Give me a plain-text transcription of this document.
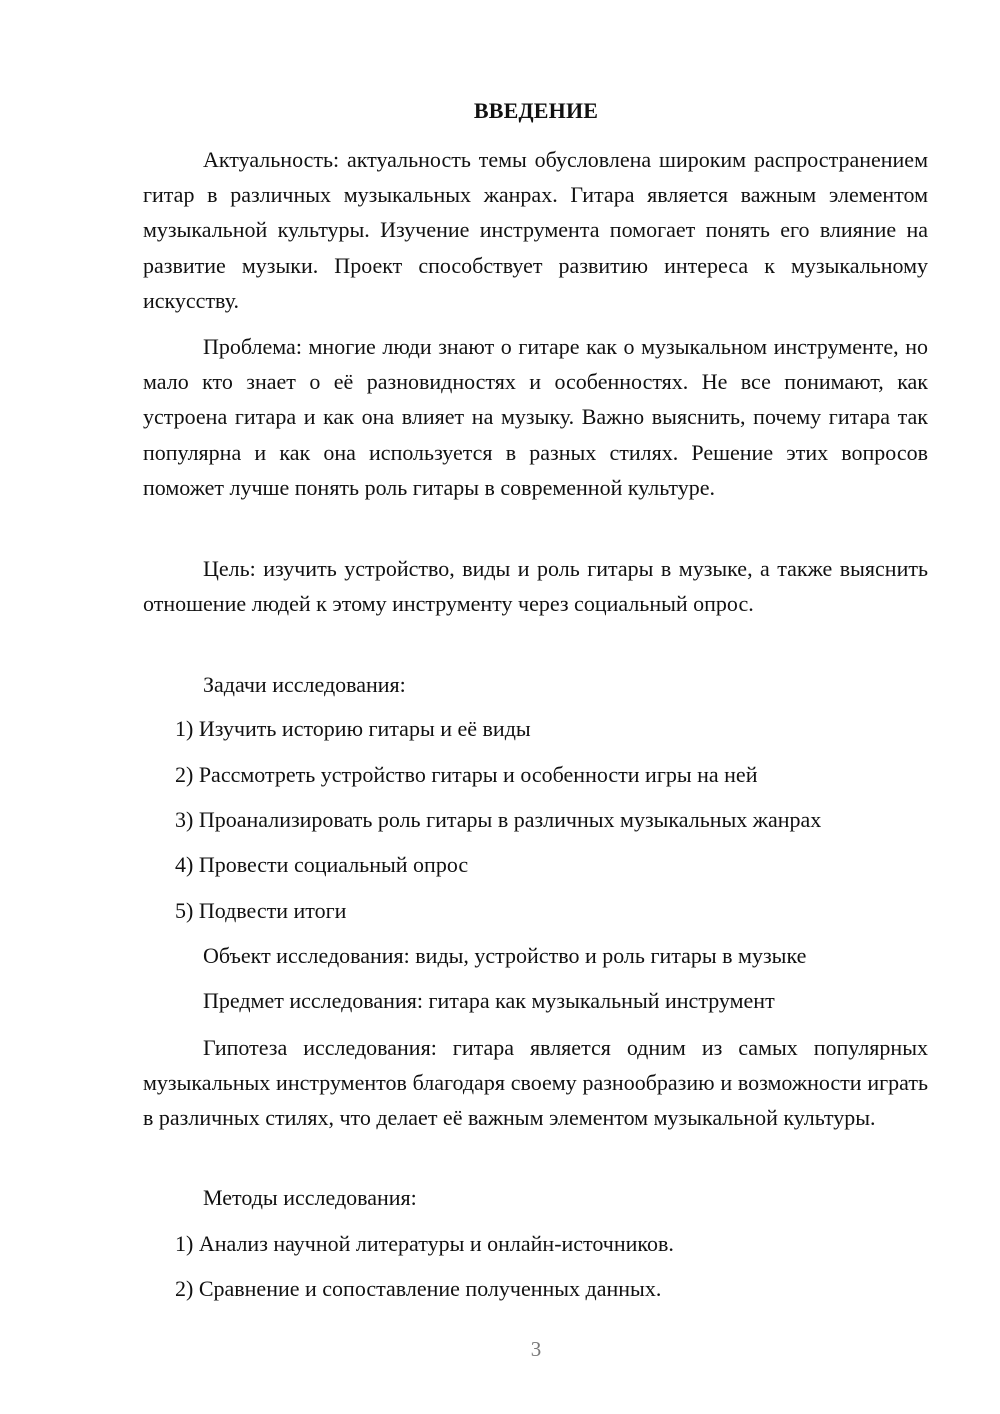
ВВЕДЕНИЕ

Актуальность: актуальность темы обусловлена широким распространением гитар в различных музыкальных жанрах. Гитара является важным элементом музыкальной культуры. Изучение инструмента помогает понять его влияние на развитие музыки. Проект способствует развитию интереса к музыкальному искусству.

Проблема: многие люди знают о гитаре как о музыкальном инструменте, но мало кто знает о её разновидностях и особенностях. Не все понимают, как устроена гитара и как она влияет на музыку. Важно выяснить, почему гитара так популярна и как она используется в разных стилях. Решение этих вопросов поможет лучше понять роль гитары в современной культуре.

Цель: изучить устройство, виды и роль гитары в музыке, а также выяснить отношение людей к этому инструменту через социальный опрос.

Задачи исследования:

1) Изучить историю гитары и её виды

2) Рассмотреть устройство гитары и особенности игры на ней

3) Проанализировать роль гитары в различных музыкальных жанрах

4) Провести социальный опрос

5) Подвести итоги

Объект исследования: виды, устройство и роль гитары в музыке

Предмет исследования: гитара как музыкальный инструмент

Гипотеза исследования: гитара является одним из самых популярных музыкальных инструментов благодаря своему разнообразию и возможности играть в различных стилях, что делает её важным элементом музыкальной культуры.

Методы исследования:

1) Анализ научной литературы и онлайн-источников.

2) Сравнение и сопоставление полученных данных.

3
